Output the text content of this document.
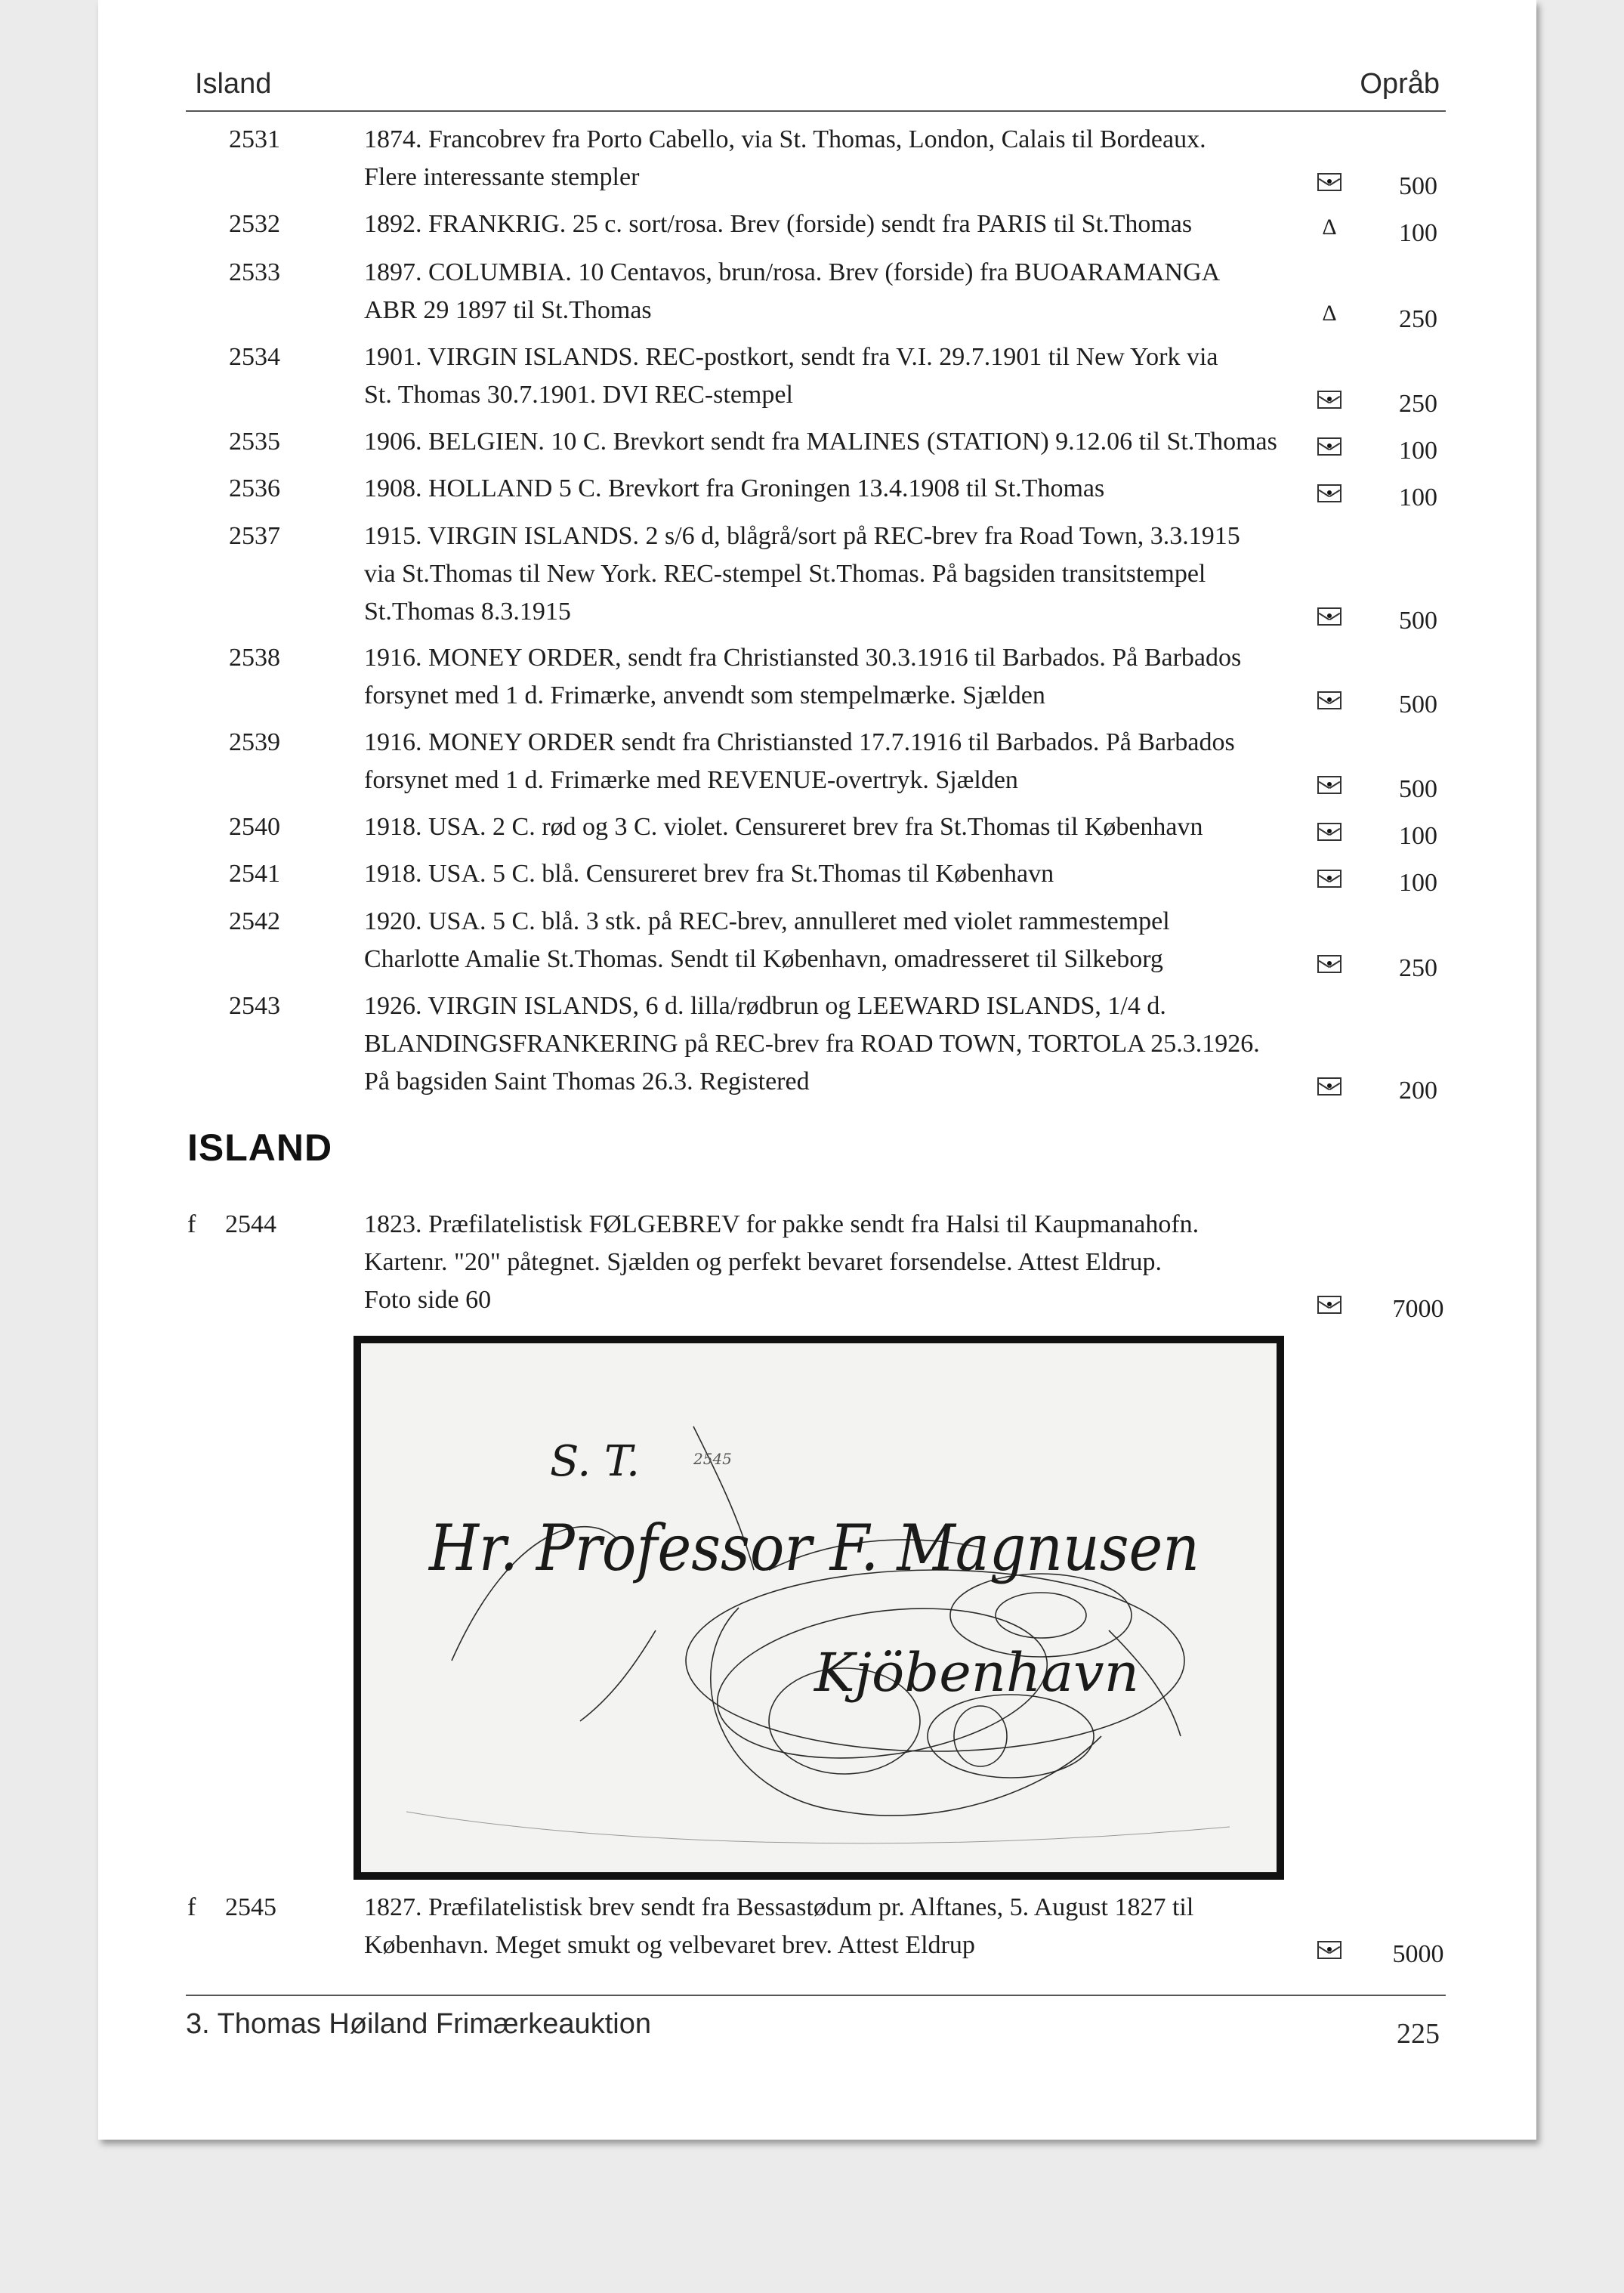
Island	Opråb
2531	1874. Francobrev fra Porto Cabello, via St. Thomas, London, Calais til Bordeaux.
Flere interessante stempler	500
2532	1892. FRANKRIG. 25 c. sort/rosa. Brev (forside) sendt fra PARIS til St.Thomas	Δ	100
2533	1897. COLUMBIA. 10 Centavos, brun/rosa. Brev (forside) fra BUOARAMANGA
ABR 29 1897 til St.Thomas	Δ	250
2534	1901. VIRGIN ISLANDS. REC-postkort, sendt fra V.I. 29.7.1901 til New York via
St. Thomas 30.7.1901. DVI REC-stempel	250
2535	1906. BELGIEN. 10 C. Brevkort sendt fra MALINES (STATION) 9.12.06 til St.Thomas	100
2536	1908. HOLLAND 5 C. Brevkort fra Groningen 13.4.1908 til St.Thomas	100
2537	1915. VIRGIN ISLANDS. 2 s/6 d, blågrå/sort på REC-brev fra Road Town, 3.3.1915
via St.Thomas til New York. REC-stempel St.Thomas. På bagsiden transitstempel
St.Thomas 8.3.1915	500
2538	1916. MONEY ORDER, sendt fra Christiansted 30.3.1916 til Barbados. På Barbados
forsynet med 1 d. Frimærke, anvendt som stempelmærke. Sjælden	500
2539	1916. MONEY ORDER sendt fra Christiansted 17.7.1916 til Barbados. På Barbados
forsynet med 1 d. Frimærke med REVENUE-overtryk. Sjælden	500
2540	1918. USA. 2 C. rød og 3 C. violet. Censureret brev fra St.Thomas til København	100
2541	1918. USA. 5 C. blå. Censureret brev fra St.Thomas til København	100
2542	1920. USA. 5 C. blå. 3 stk. på REC-brev, annulleret med violet rammestempel
Charlotte Amalie St.Thomas. Sendt til København, omadresseret til Silkeborg	250
2543	1926. VIRGIN ISLANDS, 6 d. lilla/rødbrun og LEEWARD ISLANDS, 1/4 d.
BLANDINGSFRANKERING på REC-brev fra ROAD TOWN, TORTOLA 25.3.1926.
På bagsiden Saint Thomas 26.3. Registered	200
ISLAND
f 2544	1823. Præfilatelistisk FØLGEBREV for pakke sendt fra Halsi til Kaupmanahofn.
Kartenr. "20" påtegnet. Sjælden og perfekt bevaret forsendelse. Attest Eldrup.
Foto side 60	7000
f 2545	1827. Præfilatelistisk brev sendt fra Bessastødum pr. Alftanes, 5. August 1827 til
København. Meget smukt og velbevaret brev. Attest Eldrup	5000
S. T.	2545
Hr. Professor F. Magnusen
Kjöbenhavn
3. Thomas Høiland Frimærkeauktion	225
